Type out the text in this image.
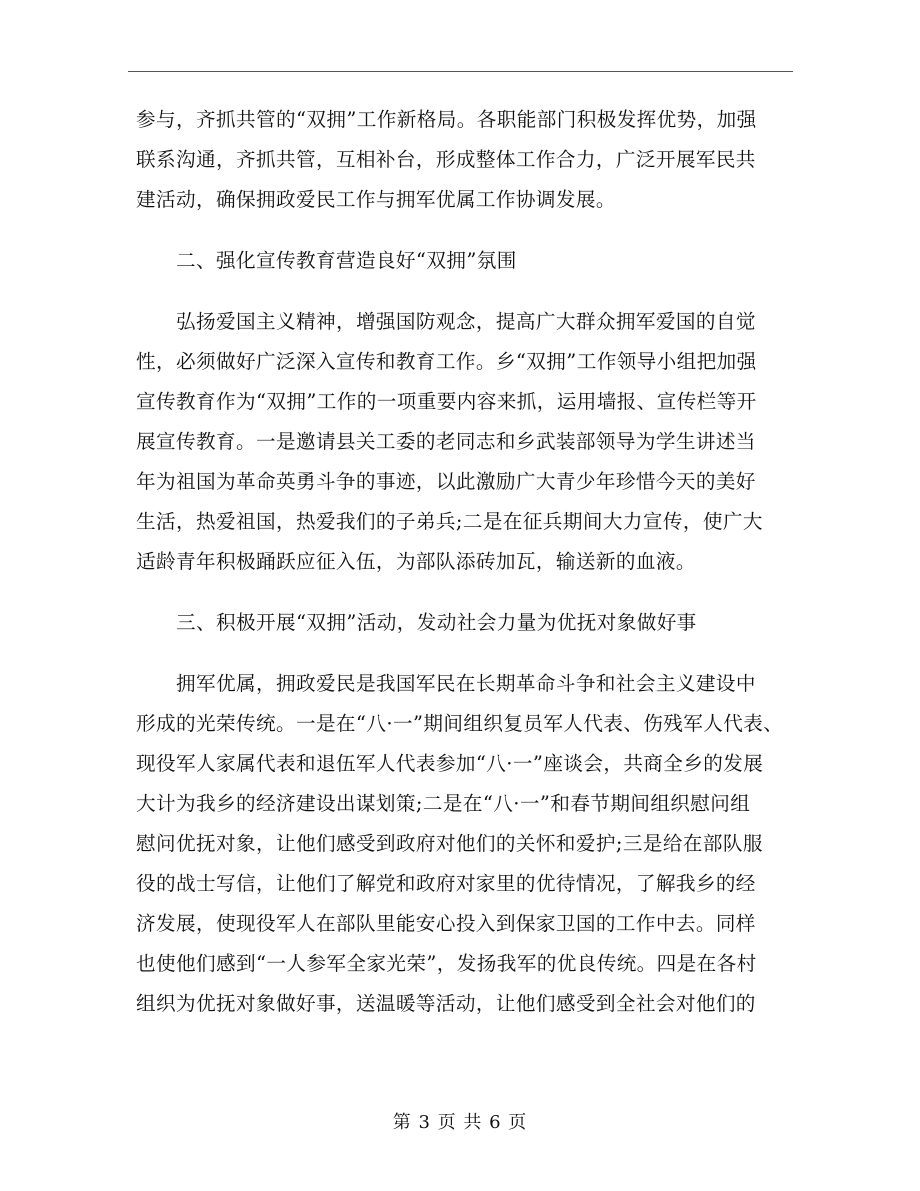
参与，齐抓共管的“双拥”工作新格局。各职能部门积极发挥优势，加强
联系沟通，齐抓共管，互相补台，形成整体工作合力，广泛开展军民共
建活动，确保拥政爱民工作与拥军优属工作协调发展。
二、强化宣传教育营造良好“双拥”氛围
弘扬爱国主义精神，增强国防观念，提高广大群众拥军爱国的自觉
性，必须做好广泛深入宣传和教育工作。乡“双拥”工作领导小组把加强
宣传教育作为“双拥”工作的一项重要内容来抓，运用墙报、宣传栏等开
展宣传教育。一是邀请县关工委的老同志和乡武装部领导为学生讲述当
年为祖国为革命英勇斗争的事迹，以此激励广大青少年珍惜今天的美好
生活，热爱祖国，热爱我们的子弟兵;二是在征兵期间大力宣传，使广大
适龄青年积极踊跃应征入伍，为部队添砖加瓦，输送新的血液。
三、积极开展“双拥”活动，发动社会力量为优抚对象做好事
拥军优属，拥政爱民是我国军民在长期革命斗争和社会主义建设中
形成的光荣传统。一是在“八·一”期间组织复员军人代表、伤残军人代表、
现役军人家属代表和退伍军人代表参加“八·一”座谈会，共商全乡的发展
大计为我乡的经济建设出谋划策;二是在“八·一”和春节期间组织慰问组
慰问优抚对象，让他们感受到政府对他们的关怀和爱护;三是给在部队服
役的战士写信，让他们了解党和政府对家里的优待情况，了解我乡的经
济发展，使现役军人在部队里能安心投入到保家卫国的工作中去。同样
也使他们感到“一人参军全家光荣”，发扬我军的优良传统。四是在各村
组织为优抚对象做好事，送温暖等活动，让他们感受到全社会对他们的
第 3 页 共 6 页
